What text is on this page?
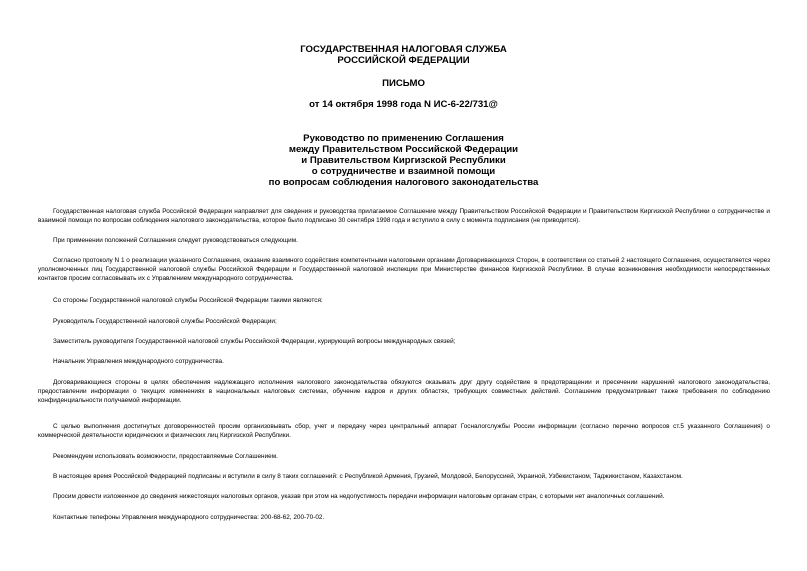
ГОСУДАРСТВЕННАЯ НАЛОГОВАЯ СЛУЖБА
РОССИЙСКОЙ ФЕДЕРАЦИИ
ПИСЬМО
от 14 октября 1998 года N ИС-6-22/731@
Руководство по применению Соглашения
между Правительством Российской Федерации
и Правительством Киргизской Республики
о сотрудничестве и взаимной помощи
по вопросам соблюдения налогового законодательства

Государственная налоговая служба Российской Федерации направляет для сведения и руководства прилагаемое Соглашение между Правительством Российской Федерации и Правительством Киргизской Республики о сотрудничестве и взаимной помощи по вопросам соблюдения налогового законодательства, которое было подписано 30 сентября 1998 года и вступило в силу с момента подписания (не приводится).

При применении положений Соглашения следует руководствоваться следующим.

Согласно протоколу N 1 о реализации указанного Соглашения, оказание взаимного содействия компетентными налоговыми органами Договаривающихся Сторон, в соответствии со статьей 2 настоящего Соглашения, осуществляется через уполномоченных лиц Государственной налоговой службы Российской Федерации и Государственной налоговой инспекции при Министерстве финансов Киргизской Республики. В случае возникновения необходимости непосредственных контактов просим согласовывать их с Управлением международного сотрудничества.

Со стороны Государственной налоговой службы Российской Федерации такими являются:

Руководитель Государственной налоговой службы Российской Федерации;

Заместитель руководителя Государственной налоговой службы Российской Федерации, курирующий вопросы международных связей;

Начальник Управления международного сотрудничества.

Договаривающиеся стороны в целях обеспечения надлежащего исполнения налогового законодательства обязуются оказывать друг другу содействие в предотвращении и пресечении нарушений налогового законодательства, предоставлении информации о текущих изменениях в национальных налоговых системах, обучение кадров и других областях, требующих совместных действий. Соглашение предусматривает также требования по соблюдению конфиденциальности получаемой информации.

С целью выполнения достигнутых договоренностей просим организовывать сбор, учет и передачу через центральный аппарат Госналогслужбы России информации (согласно перечню вопросов ст.5 указанного Соглашения) о коммерческой деятельности юридических и физических лиц Киргизской Республики.

Рекомендуем использовать возможности, предоставляемые Соглашением.

В настоящее время Российской Федерацией подписаны и вступили в силу 8 таких соглашений: с Республикой Армения, Грузией, Молдовой, Белоруссией, Украиной, Узбекистаном, Таджикистаном, Казахстаном.

Просим довести изложенное до сведения нижестоящих налоговых органов, указав при этом на недопустимость передачи информации налоговым органам стран, с которыми нет аналогичных соглашений.

Контактные телефоны Управления международного сотрудничества: 200-68-62, 200-70-02.
